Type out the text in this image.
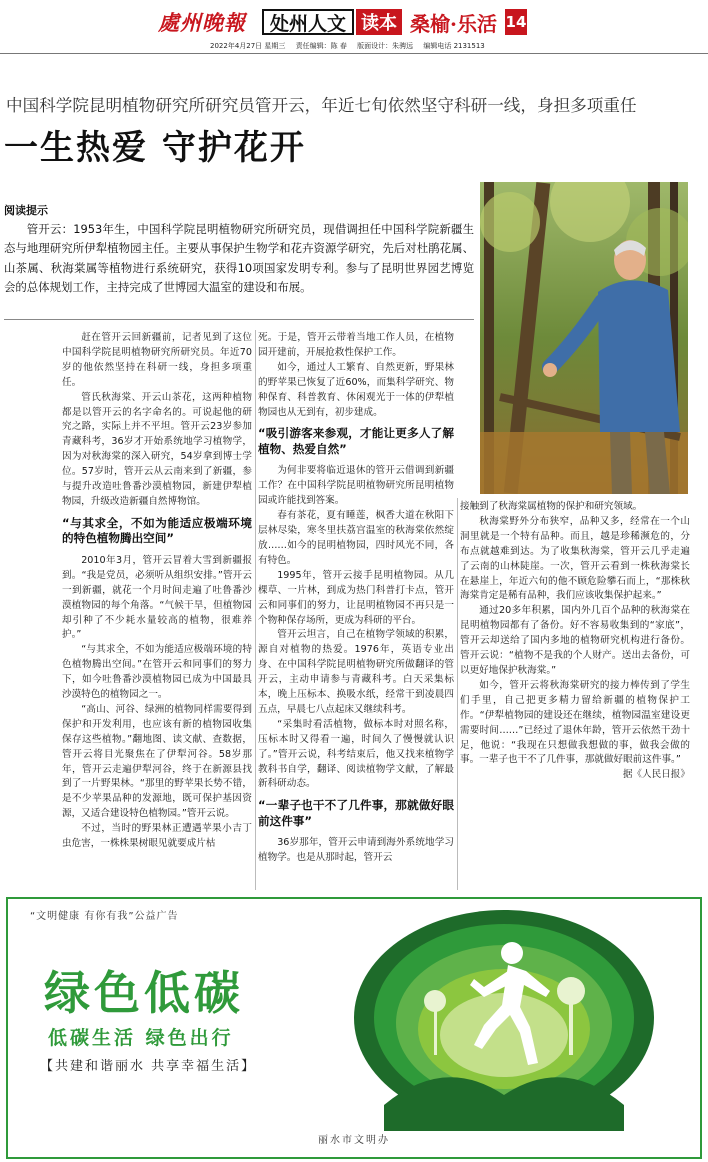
處州晚報	处州人文 读本 桑榆·乐活 14
2022年4月27日 星期三 责任编辑：陈 春 版面设计：朱骋远 编辑电话 2131513
中国科学院昆明植物研究所研究员管开云，年近七旬依然坚守科研一线，身担多项重任
一生热爱 守护花开
阅读提示
管开云：1953年生，中国科学院昆明植物研究所研究员，现借调担任中国科学院新疆生态与地理研究所伊犁植物园主任。主要从事保护生物学和花卉资源学研究，先后对杜鹃花属、山茶属、秋海棠属等植物进行系统研究，获得10项国家发明专利。参与了昆明世界园艺博览会的总体规划工作，主持完成了世博园大温室的建设和布展。

赶在管开云回新疆前，记者见到了这位中国科学院昆明植物研究所研究员。年近70岁的他依然坚持在科研一线，身担多项重任。

管氏秋海棠、开云山茶花，这两种植物都是以管开云的名字命名的。可说起他的研究之路，实际上并不平坦。管开云23岁参加青藏科考，36岁才开始系统地学习植物学，因为对秋海棠的深入研究，54岁拿到博士学位。57岁时，管开云从云南来到了新疆，参与提升改造吐鲁番沙漠植物园，新建伊犁植物园，升级改造新疆自然博物馆。

“与其求全，不如为能适应极端环境的特色植物腾出空间”

2010年3月，管开云冒着大雪到新疆报到。“我是党员，必须听从组织安排。”管开云一到新疆，就花一个月时间走遍了吐鲁番沙漠植物园的每个角落。“气候干旱，但植物园却引种了不少耗水量较高的植物，很难养护。”

“与其求全，不如为能适应极端环境的特色植物腾出空间。”在管开云和同事们的努力下，如今吐鲁番沙漠植物园已成为中国最具沙漠特色的植物园之一。

“高山、河谷、绿洲的植物同样需要得到保护和开发利用，也应该有新的植物园收集保存这些植物。”翻地图、读文献、查数据，管开云将目光聚焦在了伊犁河谷。58岁那年，管开云走遍伊犁河谷，终于在新源县找到了一片野果林。“那里的野苹果长势不错，是不少苹果品种的发源地，既可保护基因资源，又适合建设特色植物园。”管开云说。

不过，当时的野果林正遭遇苹果小吉丁虫危害，一株株果树眼见就要成片枯

死。于是，管开云带着当地工作人员，在植物园开建前，开展抢救性保护工作。

如今，通过人工繁育、自然更新，野果林的野苹果已恢复了近60%，而集科学研究、物种保育、科普教育、休闲观光于一体的伊犁植物园也从无到有，初步建成。

“吸引游客来参观，才能让更多人了解植物、热爱自然”

为何非要将临近退休的管开云借调到新疆工作？在中国科学院昆明植物研究所昆明植物园或许能找到答案。

春有茶花，夏有睡莲，枫香大道在秋阳下层林尽染，寒冬里扶荔宫温室的秋海棠依然绽放……如今的昆明植物园，四时风光不同，各有特色。

1995年，管开云接手昆明植物园。从几棵草、一片林，到成为热门科普打卡点，管开云和同事们的努力，让昆明植物园不再只是一个物种保存场所，更成为科研的平台。

管开云坦言，自己在植物学领域的积累，源自对植物的热爱。1976年，英语专业出身、在中国科学院昆明植物研究所做翻译的管开云，主动申请参与青藏科考。白天采集标本，晚上压标本、换吸水纸，经常干到凌晨四五点，早晨七八点起床又继续科考。

“采集时看活植物，做标本时对照名称，压标本时又得看一遍，时间久了慢慢就认识了。”管开云说，科考结束后，他又找来植物学教科书自学，翻译、阅读植物学文献，了解最新科研动态。

“一辈子也干不了几件事，那就做好眼前这件事”

36岁那年，管开云申请到海外系统地学习植物学。也是从那时起，管开云

接触到了秋海棠属植物的保护和研究领域。

秋海棠野外分布狭窄，品种又多，经常在一个山洞里就是一个特有品种。而且，越是珍稀濒危的，分布点就越难到达。为了收集秋海棠，管开云几乎走遍了云南的山林陡崖。一次，管开云看到一株秋海棠长在悬崖上，年近六旬的他不顾危险攀石而上，“那株秋海棠肯定是稀有品种，我们应该收集保护起来。”

通过20多年积累，国内外几百个品种的秋海棠在昆明植物园都有了备份。好不容易收集到的“家底”，管开云却送给了国内多地的植物研究机构进行备份。管开云说：“植物不是我的个人财产。送出去备份，可以更好地保护秋海棠。”

如今，管开云将秋海棠研究的接力棒传到了学生们手里，自己把更多精力留给新疆的植物保护工作。“伊犁植物园的建设还在继续，植物园温室建设更需要时间……”已经过了退休年龄，管开云依然干劲十足，他说：“我现在只想做我想做的事，做我会做的事。一辈子也干不了几件事，那就做好眼前这件事。”

据《人民日报》

“文明健康 有你有我”公益广告
绿色低碳
低碳生活 绿色出行
【共建和谐丽水 共享幸福生活】
丽水市文明办
